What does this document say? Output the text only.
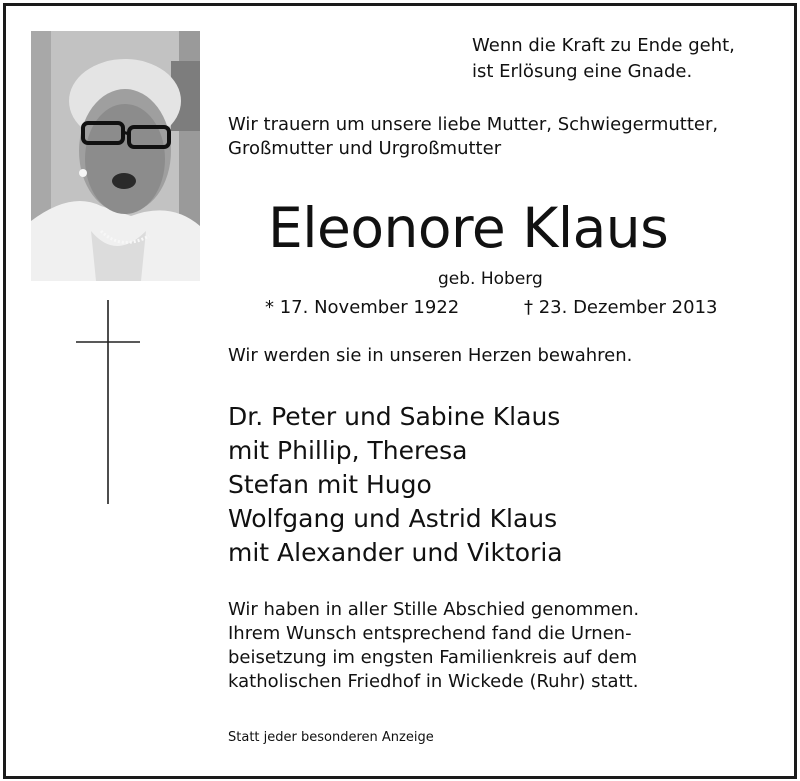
Wenn die Kraft zu Ende geht,
ist Erlösung eine Gnade.
Wir trauern um unsere liebe Mutter, Schwiegermutter,
Großmutter und Urgroßmutter
Eleonore Klaus
geb. Hoberg
* 17. November 1922	† 23. Dezember 2013
Wir werden sie in unseren Herzen bewahren.
Dr. Peter und Sabine Klaus
mit Phillip, Theresa
Stefan mit Hugo
Wolfgang und Astrid Klaus
mit Alexander und Viktoria
Wir haben in aller Stille Abschied genommen.
Ihrem Wunsch entsprechend fand die Urnen-
beisetzung im engsten Familienkreis auf dem
katholischen Friedhof in Wickede (Ruhr) statt.
Statt jeder besonderen Anzeige
